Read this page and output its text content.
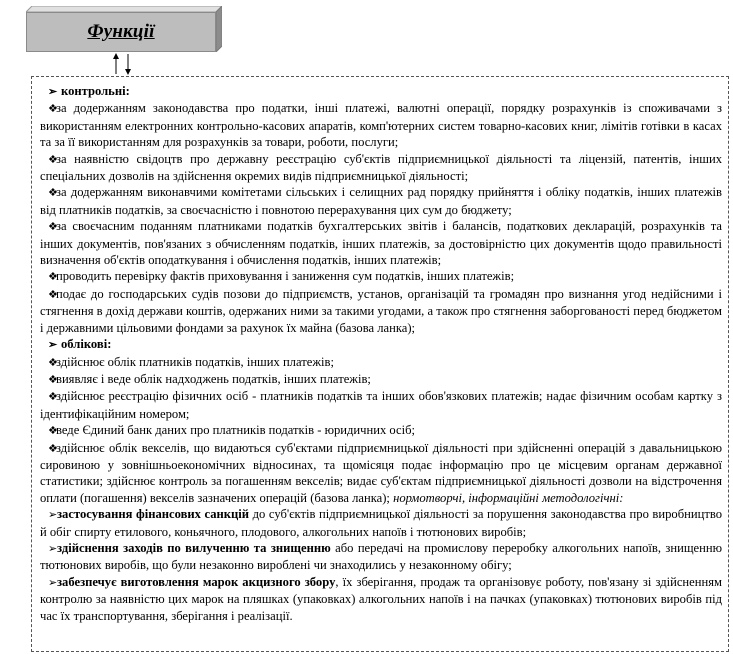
Функції

➢ контрольні:

❖за додержанням законодавства про податки, інші платежі, валютні операції, порядку розрахунків із споживачами з використанням електронних контрольно-касових апаратів, комп'ютерних систем товарно-касових книг, лімітів готівки в касах та за її використанням для розрахунків за товари, роботи, послуги;

❖за наявністю свідоцтв про державну реєстрацію суб'єктів підприємницької діяльності та ліцензій, патентів, інших спеціальних дозволів на здійснення окремих видів підприємницької діяльності;

❖за додержанням виконавчими комітетами сільських і селищних рад порядку прийняття і обліку податків, інших платежів від платників податків, за своєчасністю і повнотою перерахування цих сум до бюджету;

❖за своєчасним поданням платниками податків бухгалтерських звітів і балансів, податкових декларацій, розрахунків та інших документів, пов'язаних з обчисленням податків, інших платежів, за достовірністю цих документів щодо правильності визначення об'єктів оподаткування і обчислення податків, інших платежів;

❖проводить перевірку фактів приховування і заниження сум податків, інших платежів;

❖подає до господарських судів позови до підприємств, установ, організацій та громадян про визнання угод недійсними і стягнення в дохід держави коштів, одержаних ними за такими угодами, а також про стягнення заборгованості перед бюджетом і державними цільовими фондами за рахунок їх майна (базова ланка);

➢ облікові:

❖здійснює облік платників податків, інших платежів;

❖виявляє і веде облік надходжень податків, інших платежів;

❖здійснює реєстрацію фізичних осіб - платників податків та інших обов'язкових платежів; надає фізичним особам картку з ідентифікаційним номером;

❖веде Єдиний банк даних про платників податків - юридичних осіб;

❖здійснює облік векселів, що видаються суб'єктами підприємницької діяльності при здійсненні операцій з давальницькою сировиною у зовнішньоекономічних відносинах, та щомісяця подає інформацію про це місцевим органам державної статистики; здійснює контроль за погашенням векселів; видає суб'єктам підприємницької діяльності дозволи на відстрочення оплати (погашення) векселів зазначених операцій (базова ланка); нормотворчі, інформаційні методологічні:

➢застосування фінансових санкцій до суб'єктів підприємницької діяльності за порушення законодавства про виробництво й обіг спирту етилового, коньячного, плодового, алкогольних напоїв і тютюнових виробів;

➢здійснення заходів по вилученню та знищенню або передачі на промислову переробку алкогольних напоїв, знищенню тютюнових виробів, що були незаконно вироблені чи знаходились у незаконному обігу;

➢забезпечує виготовлення марок акцизного збору, їх зберігання, продаж та організовує роботу, пов'язану зі здійсненням контролю за наявністю цих марок на пляшках (упаковках) алкогольних напоїв і на пачках (упаковках) тютюнових виробів під час їх транспортування, зберігання і реалізації.
